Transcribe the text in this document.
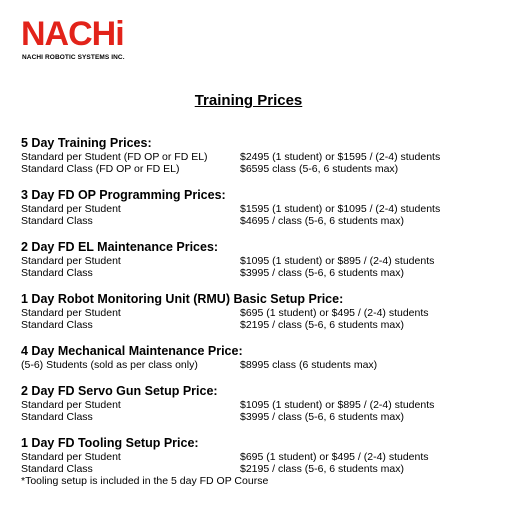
NACHi
NACHI ROBOTIC SYSTEMS INC.
Training Prices
5 Day Training Prices:
Standard per Student (FD OP or FD EL)	$2495 (1 student) or $1595 / (2-4) students
Standard Class (FD OP or FD EL)	$6595 class (5-6, 6 students max)
3 Day FD OP Programming Prices:
Standard per Student	$1595 (1 student) or $1095 / (2-4) students
Standard Class	$4695 / class (5-6, 6 students max)
2 Day FD EL Maintenance Prices:
Standard per Student	$1095 (1 student) or $895 / (2-4) students
Standard Class	$3995 / class (5-6, 6 students max)
1 Day Robot Monitoring Unit (RMU) Basic Setup Price:
Standard per Student	$695 (1 student) or $495 / (2-4) students
Standard Class	$2195 / class (5-6, 6 students max)
4 Day Mechanical Maintenance Price:
(5-6) Students (sold as per class only)	$8995 class (6 students max)
2 Day FD Servo Gun Setup Price:
Standard per Student	$1095 (1 student) or $895 / (2-4) students
Standard Class	$3995 / class (5-6, 6 students max)
1 Day FD Tooling Setup Price:
Standard per Student	$695 (1 student) or $495 / (2-4) students
Standard Class	$2195 / class (5-6, 6 students max)
*Tooling setup is included in the 5 day FD OP Course
